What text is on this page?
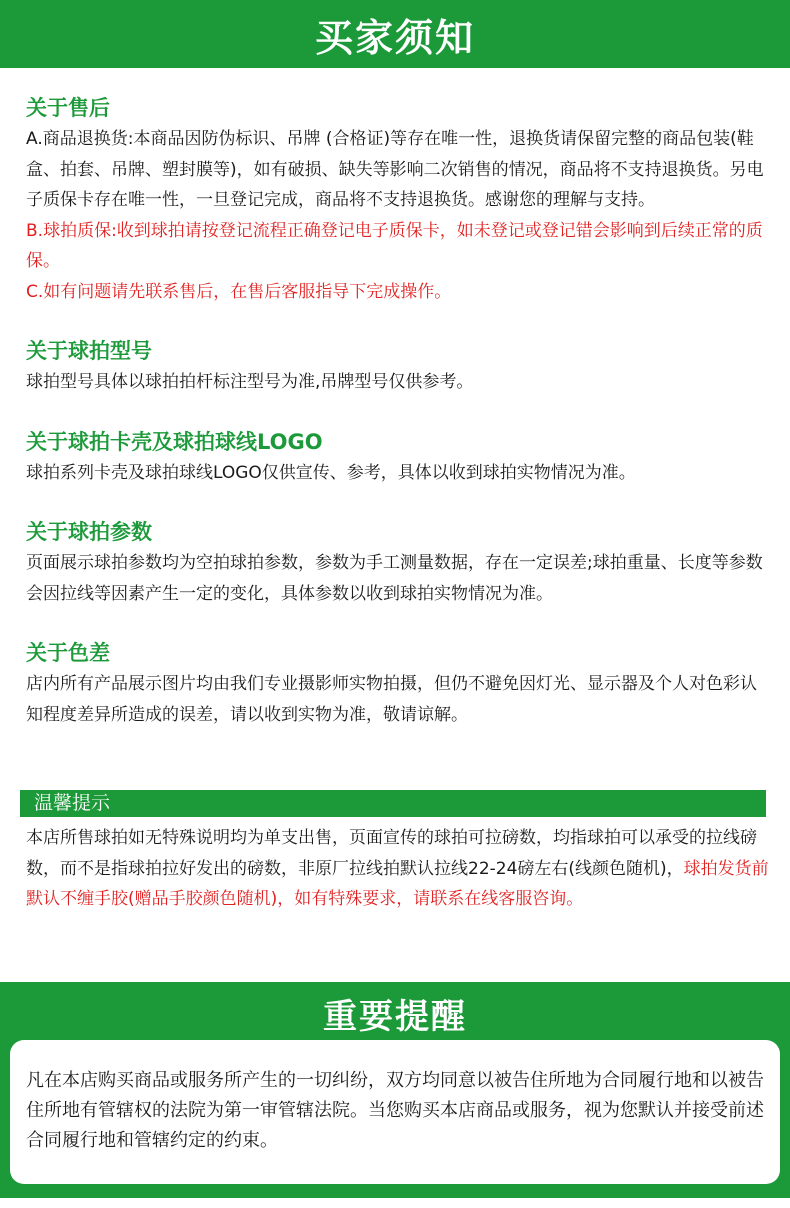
买家须知
关于售后

A.商品退换货:本商品因防伪标识、吊牌 (合格证)等存在唯一性，退换货请保留完整的商品包装(鞋盒、拍套、吊牌、塑封膜等)，如有破损、缺失等影响二次销售的情况，商品将不支持退换货。另电子质保卡存在唯一性，一旦登记完成，商品将不支持退换货。感谢您的理解与支持。

B.球拍质保:收到球拍请按登记流程正确登记电子质保卡，如未登记或登记错会影响到后续正常的质保。

C.如有问题请先联系售后，在售后客服指导下完成操作。

关于球拍型号

球拍型号具体以球拍拍杆标注型号为准,吊牌型号仅供参考。

关于球拍卡壳及球拍球线LOGO

球拍系列卡壳及球拍球线LOGO仅供宣传、参考，具体以收到球拍实物情况为准。

关于球拍参数

页面展示球拍参数均为空拍球拍参数，参数为手工测量数据，存在一定误差;球拍重量、长度等参数会因拉线等因素产生一定的变化，具体参数以收到球拍实物情况为准。

关于色差

店内所有产品展示图片均由我们专业摄影师实物拍摄，但仍不避免因灯光、显示器及个人对色彩认知程度差异所造成的误差，请以收到实物为准，敬请谅解。

温馨提示

本店所售球拍如无特殊说明均为单支出售，页面宣传的球拍可拉磅数，均指球拍可以承受的拉线磅数，而不是指球拍拉好发出的磅数，非原厂拉线拍默认拉线22-24磅左右(线颜色随机)，球拍发货前默认不缠手胶(赠品手胶颜色随机)，如有特殊要求，请联系在线客服咨询。

重要提醒

凡在本店购买商品或服务所产生的一切纠纷，双方均同意以被告住所地为合同履行地和以被告住所地有管辖权的法院为第一审管辖法院。当您购买本店商品或服务，视为您默认并接受前述合同履行地和管辖约定的约束。
